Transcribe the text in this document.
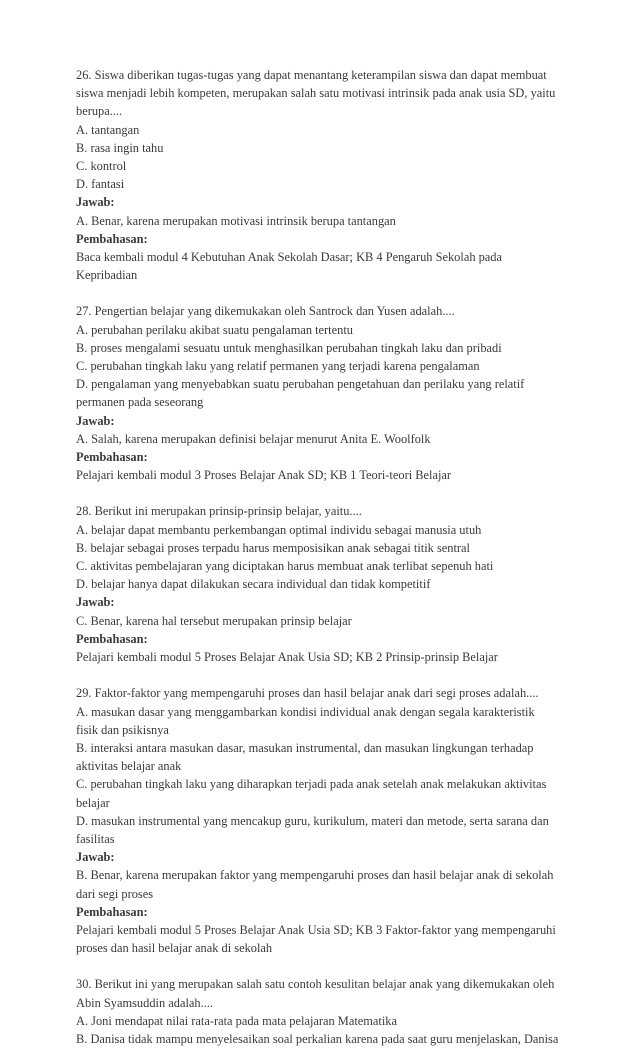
26. Siswa diberikan tugas-tugas yang dapat menantang keterampilan siswa dan dapat membuat
siswa menjadi lebih kompeten, merupakan salah satu motivasi intrinsik pada anak usia SD, yaitu
berupa....
A. tantangan
B. rasa ingin tahu
C. kontrol
D. fantasi
Jawab:
A. Benar, karena merupakan motivasi intrinsik berupa tantangan
Pembahasan:
Baca kembali modul 4 Kebutuhan Anak Sekolah Dasar; KB 4 Pengaruh Sekolah pada
Kepribadian
27. Pengertian belajar yang dikemukakan oleh Santrock dan Yusen adalah....
A. perubahan perilaku akibat suatu pengalaman tertentu
B. proses mengalami sesuatu untuk menghasilkan perubahan tingkah laku dan pribadi
C. perubahan tingkah laku yang relatif permanen yang terjadi karena pengalaman
D. pengalaman yang menyebabkan suatu perubahan pengetahuan dan perilaku yang relatif
permanen pada seseorang
Jawab:
A. Salah, karena merupakan definisi belajar menurut Anita E. Woolfolk
Pembahasan:
Pelajari kembali modul 3 Proses Belajar Anak SD; KB 1 Teori-teori Belajar
28. Berikut ini merupakan prinsip-prinsip belajar, yaitu....
A. belajar dapat membantu perkembangan optimal individu sebagai manusia utuh
B. belajar sebagai proses terpadu harus memposisikan anak sebagai titik sentral
C. aktivitas pembelajaran yang diciptakan harus membuat anak terlibat sepenuh hati
D. belajar hanya dapat dilakukan secara individual dan tidak kompetitif
Jawab:
C. Benar, karena hal tersebut merupakan prinsip belajar
Pembahasan:
Pelajari kembali modul 5 Proses Belajar Anak Usia SD; KB 2 Prinsip-prinsip Belajar
29. Faktor-faktor yang mempengaruhi proses dan hasil belajar anak dari segi proses adalah....
A. masukan dasar yang menggambarkan kondisi individual anak dengan segala karakteristik
fisik dan psikisnya
B. interaksi antara masukan dasar, masukan instrumental, dan masukan lingkungan terhadap
aktivitas belajar anak
C. perubahan tingkah laku yang diharapkan terjadi pada anak setelah anak melakukan aktivitas
belajar
D. masukan instrumental yang mencakup guru, kurikulum, materi dan metode, serta sarana dan
fasilitas
Jawab:
B. Benar, karena merupakan faktor yang mempengaruhi proses dan hasil belajar anak di sekolah
dari segi proses
Pembahasan:
Pelajari kembali modul 5 Proses Belajar Anak Usia SD; KB 3 Faktor-faktor yang mempengaruhi
proses dan hasil belajar anak di sekolah
30. Berikut ini yang merupakan salah satu contoh kesulitan belajar anak yang dikemukakan oleh
Abin Syamsuddin adalah....
A. Joni mendapat nilai rata-rata pada mata pelajaran Matematika
B. Danisa tidak mampu menyelesaikan soal perkalian karena pada saat guru menjelaskan, Danisa
